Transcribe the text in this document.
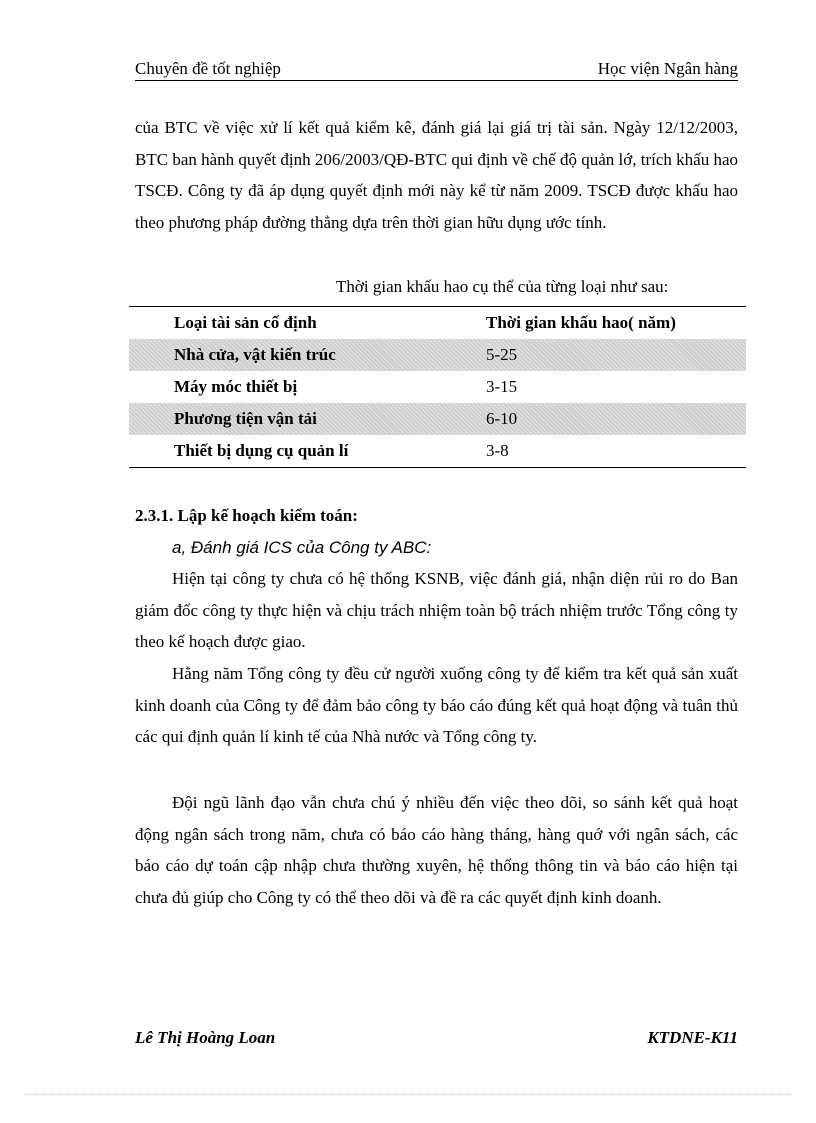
Chuyên đề tốt nghiệp	Học viện Ngân hàng
của BTC về việc xử lí kết quả kiểm kê, đánh giá lại giá trị tài sản. Ngày 12/12/2003, BTC ban hành quyết định 206/2003/QĐ-BTC qui định về chế độ quản lớ, trích khấu hao TSCĐ. Công ty đã áp dụng quyết định mới này kể từ năm 2009. TSCĐ được khấu hao theo phương pháp đường thẳng dựa trên thời gian hữu dụng ước tính.
Thời gian khấu hao cụ thể của từng loại như sau:
Loại tài sản cố định	Thời gian khấu hao( năm)
Nhà cửa, vật kiến trúc	5-25
Máy móc thiết bị	3-15
Phương tiện vận tải	6-10
Thiết bị dụng cụ quản lí	3-8
2.3.1. Lập kế hoạch kiểm toán:
a, Đánh giá ICS của Công ty ABC:
Hiện tại công ty chưa có hệ thống KSNB, việc đánh giá, nhận diện rủi ro do Ban giám đốc công ty thực hiện và chịu trách nhiệm toàn bộ trách nhiệm trước Tổng công ty theo kế hoạch được giao.
Hằng năm Tổng công ty đều cử người xuống công ty để kiểm tra kết quả sản xuất kinh doanh của Công ty để đảm bảo công ty báo cáo đúng kết quả hoạt động và tuân thủ các qui định quản lí kinh tế của Nhà nước và Tổng công ty.
Đội ngũ lãnh đạo vẫn chưa chú ý nhiều đến việc theo dõi, so sánh kết quả hoạt động ngân sách trong năm, chưa có báo cáo hàng tháng, hàng quớ với ngân sách, các báo cáo dự toán cập nhập chưa thường xuyên, hệ thống thông tin và báo cáo hiện tại chưa đủ giúp cho Công ty có thể theo dõi và đề ra các quyết định kinh doanh.
Lê Thị Hoàng Loan	KTDNE-K11
